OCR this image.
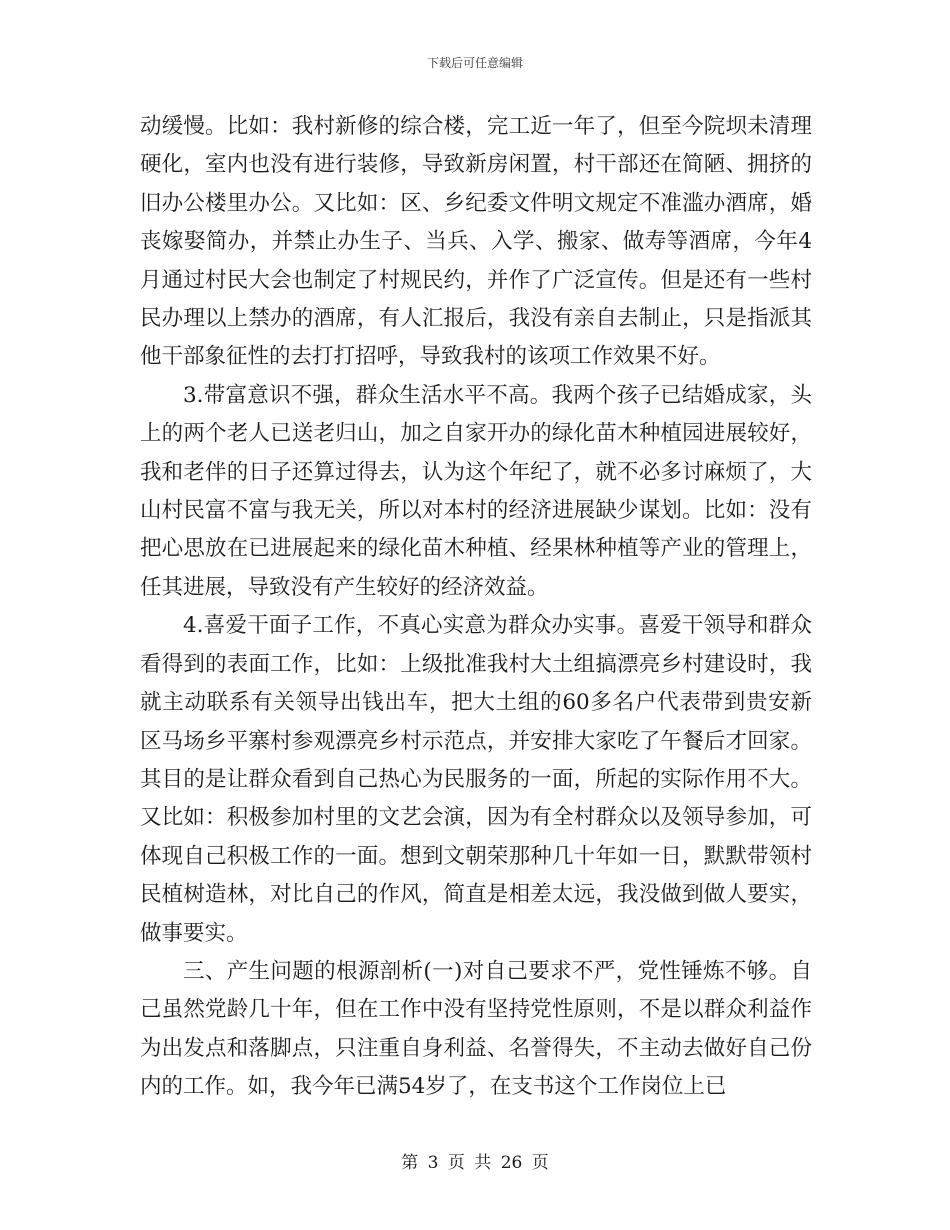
下载后可任意编辑

动缓慢。比如：我村新修的综合楼，完工近一年了，但至今院坝未清理硬化，室内也没有进行装修，导致新房闲置，村干部还在简陋、拥挤的旧办公楼里办公。又比如：区、乡纪委文件明文规定不准滥办酒席，婚丧嫁娶简办，并禁止办生子、当兵、入学、搬家、做寿等酒席，今年4月通过村民大会也制定了村规民约，并作了广泛宣传。但是还有一些村民办理以上禁办的酒席，有人汇报后，我没有亲自去制止，只是指派其他干部象征性的去打打招呼，导致我村的该项工作效果不好。

3.带富意识不强，群众生活水平不高。我两个孩子已结婚成家，头上的两个老人已送老归山，加之自家开办的绿化苗木种植园进展较好，我和老伴的日子还算过得去，认为这个年纪了，就不必多讨麻烦了，大山村民富不富与我无关，所以对本村的经济进展缺少谋划。比如：没有把心思放在已进展起来的绿化苗木种植、经果林种植等产业的管理上，任其进展，导致没有产生较好的经济效益。

4.喜爱干面子工作，不真心实意为群众办实事。喜爱干领导和群众看得到的表面工作，比如：上级批准我村大土组搞漂亮乡村建设时，我就主动联系有关领导出钱出车，把大土组的60多名户代表带到贵安新区马场乡平寨村参观漂亮乡村示范点，并安排大家吃了午餐后才回家。其目的是让群众看到自己热心为民服务的一面，所起的实际作用不大。又比如：积极参加村里的文艺会演，因为有全村群众以及领导参加，可体现自己积极工作的一面。想到文朝荣那种几十年如一日，默默带领村民植树造林，对比自己的作风，简直是相差太远，我没做到做人要实，做事要实。

三、产生问题的根源剖析(一)对自己要求不严，党性锤炼不够。自己虽然党龄几十年，但在工作中没有坚持党性原则，不是以群众利益作为出发点和落脚点，只注重自身利益、名誉得失，不主动去做好自己份内的工作。如，我今年已满54岁了，在支书这个工作岗位上已

第 3 页 共 26 页
